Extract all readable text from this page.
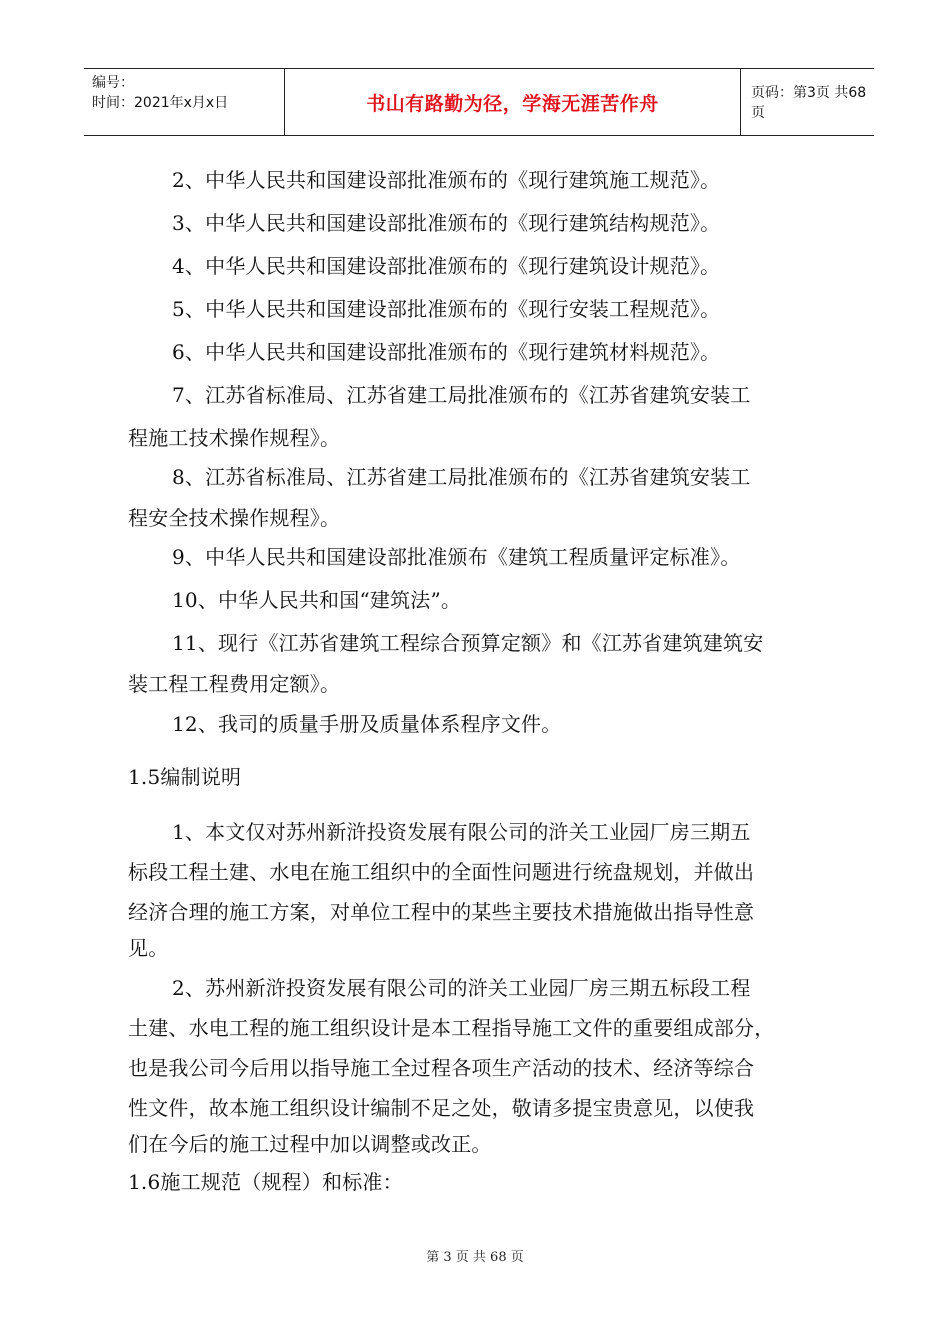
编号：
时间：2021年x月x日	书山有路勤为径，学海无涯苦作舟	页码：第3页 共68页
2、中华人民共和国建设部批准颁布的《现行建筑施工规范》。
3、中华人民共和国建设部批准颁布的《现行建筑结构规范》。
4、中华人民共和国建设部批准颁布的《现行建筑设计规范》。
5、中华人民共和国建设部批准颁布的《现行安装工程规范》。
6、中华人民共和国建设部批准颁布的《现行建筑材料规范》。
7、江苏省标准局、江苏省建工局批准颁布的《江苏省建筑安装工
程施工技术操作规程》。
8、江苏省标准局、江苏省建工局批准颁布的《江苏省建筑安装工
程安全技术操作规程》。
9、中华人民共和国建设部批准颁布《建筑工程质量评定标准》。
10、中华人民共和国“建筑法”。
11、现行《江苏省建筑工程综合预算定额》和《江苏省建筑建筑安
装工程工程费用定额》。
12、我司的质量手册及质量体系程序文件。
1.5编制说明
1、本文仅对苏州新浒投资发展有限公司的浒关工业园厂房三期五
标段工程土建、水电在施工组织中的全面性问题进行统盘规划，并做出
经济合理的施工方案，对单位工程中的某些主要技术措施做出指导性意
见。
2、苏州新浒投资发展有限公司的浒关工业园厂房三期五标段工程
土建、水电工程的施工组织设计是本工程指导施工文件的重要组成部分，
也是我公司今后用以指导施工全过程各项生产活动的技术、经济等综合
性文件，故本施工组织设计编制不足之处，敬请多提宝贵意见，以使我
们在今后的施工过程中加以调整或改正。
1.6施工规范（规程）和标准：
第 3 页 共 68 页
